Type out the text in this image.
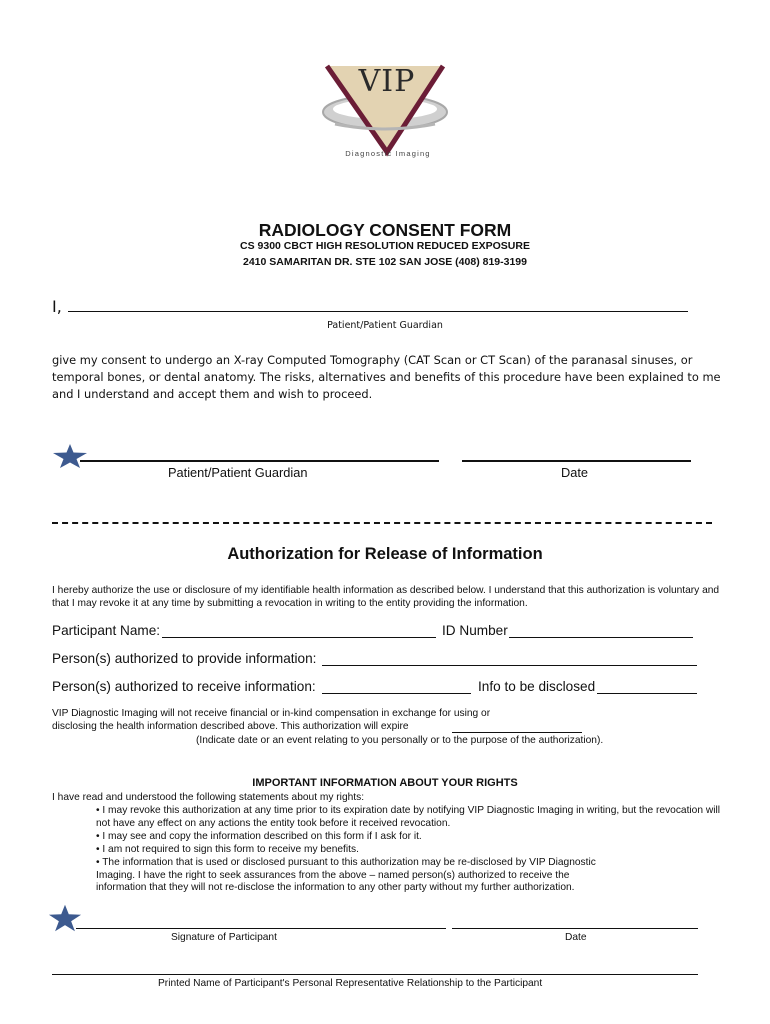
VIP
Diagnostic Imaging
RADIOLOGY CONSENT FORM
CS 9300 CBCT HIGH RESOLUTION REDUCED EXPOSURE
2410 SAMARITAN DR. STE 102 SAN JOSE (408) 819-3199
I,
Patient/Patient Guardian
give my consent to undergo an X-ray Computed Tomography (CAT Scan or CT Scan) of the paranasal sinuses, or temporal bones, or dental anatomy. The risks, alternatives and benefits of this procedure have been explained to me and I understand and accept them and wish to proceed.
Patient/Patient Guardian	Date
Authorization for Release of Information
I hereby authorize the use or disclosure of my identifiable health information as described below. I understand that this authorization is voluntary and that I may revoke it at any time by submitting a revocation in writing to the entity providing the information.
Participant Name:	ID Number
Person(s) authorized to provide information:
Person(s) authorized to receive information:	Info to be disclosed
VIP Diagnostic Imaging will not receive financial or in-kind compensation in exchange for using or
disclosing the health information described above. This authorization will expire
(Indicate date or an event relating to you personally or to the purpose of the authorization).
IMPORTANT INFORMATION ABOUT YOUR RIGHTS
I have read and understood the following statements about my rights:
• I may revoke this authorization at any time prior to its expiration date by notifying VIP Diagnostic Imaging in writing, but the revocation will not have any effect on any actions the entity took before it received revocation.
• I may see and copy the information described on this form if I ask for it.
• I am not required to sign this form to receive my benefits.
• The information that is used or disclosed pursuant to this authorization may be re-disclosed by VIP Diagnostic Imaging. I have the right to seek assurances from the above – named person(s) authorized to receive the information that they will not re-disclose the information to any other party without my further authorization.
Signature of Participant	Date
Printed Name of Participant's Personal Representative Relationship to the Participant
